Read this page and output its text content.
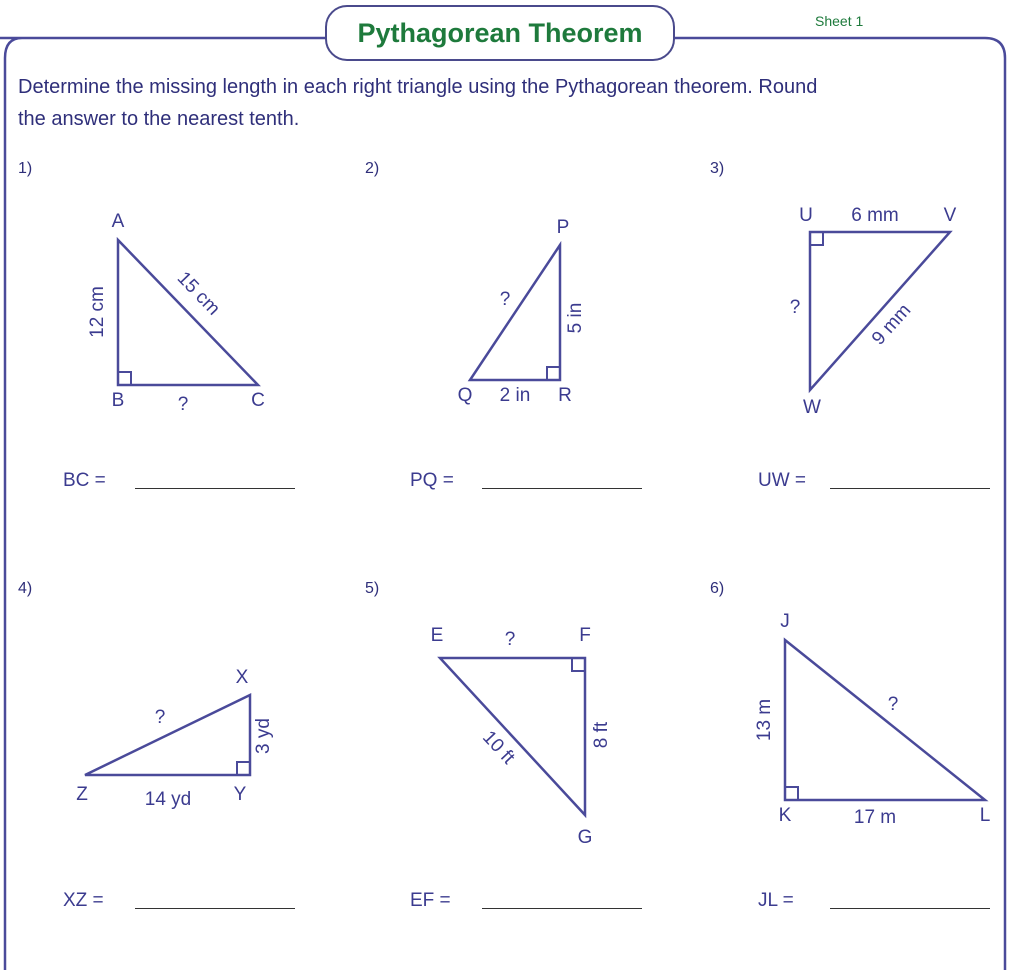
Pythagorean Theorem	Sheet 1
Determine the missing length in each right triangle using the Pythagorean theorem. Round
the answer to the nearest tenth.
1)	2)	3)
4)	5)	6)
A
B	C
12 cm	15 cm
?
P
Q	R
?
5 in
2 in
U	V
W
6 mm
9 mm
?
X
Z	Y
?
3 yd
14 yd
E	F
G
?
8 ft
10 ft
J
K	L
13 m	?
17 m
BC =	PQ =	UW =
XZ =	EF =	JL =
